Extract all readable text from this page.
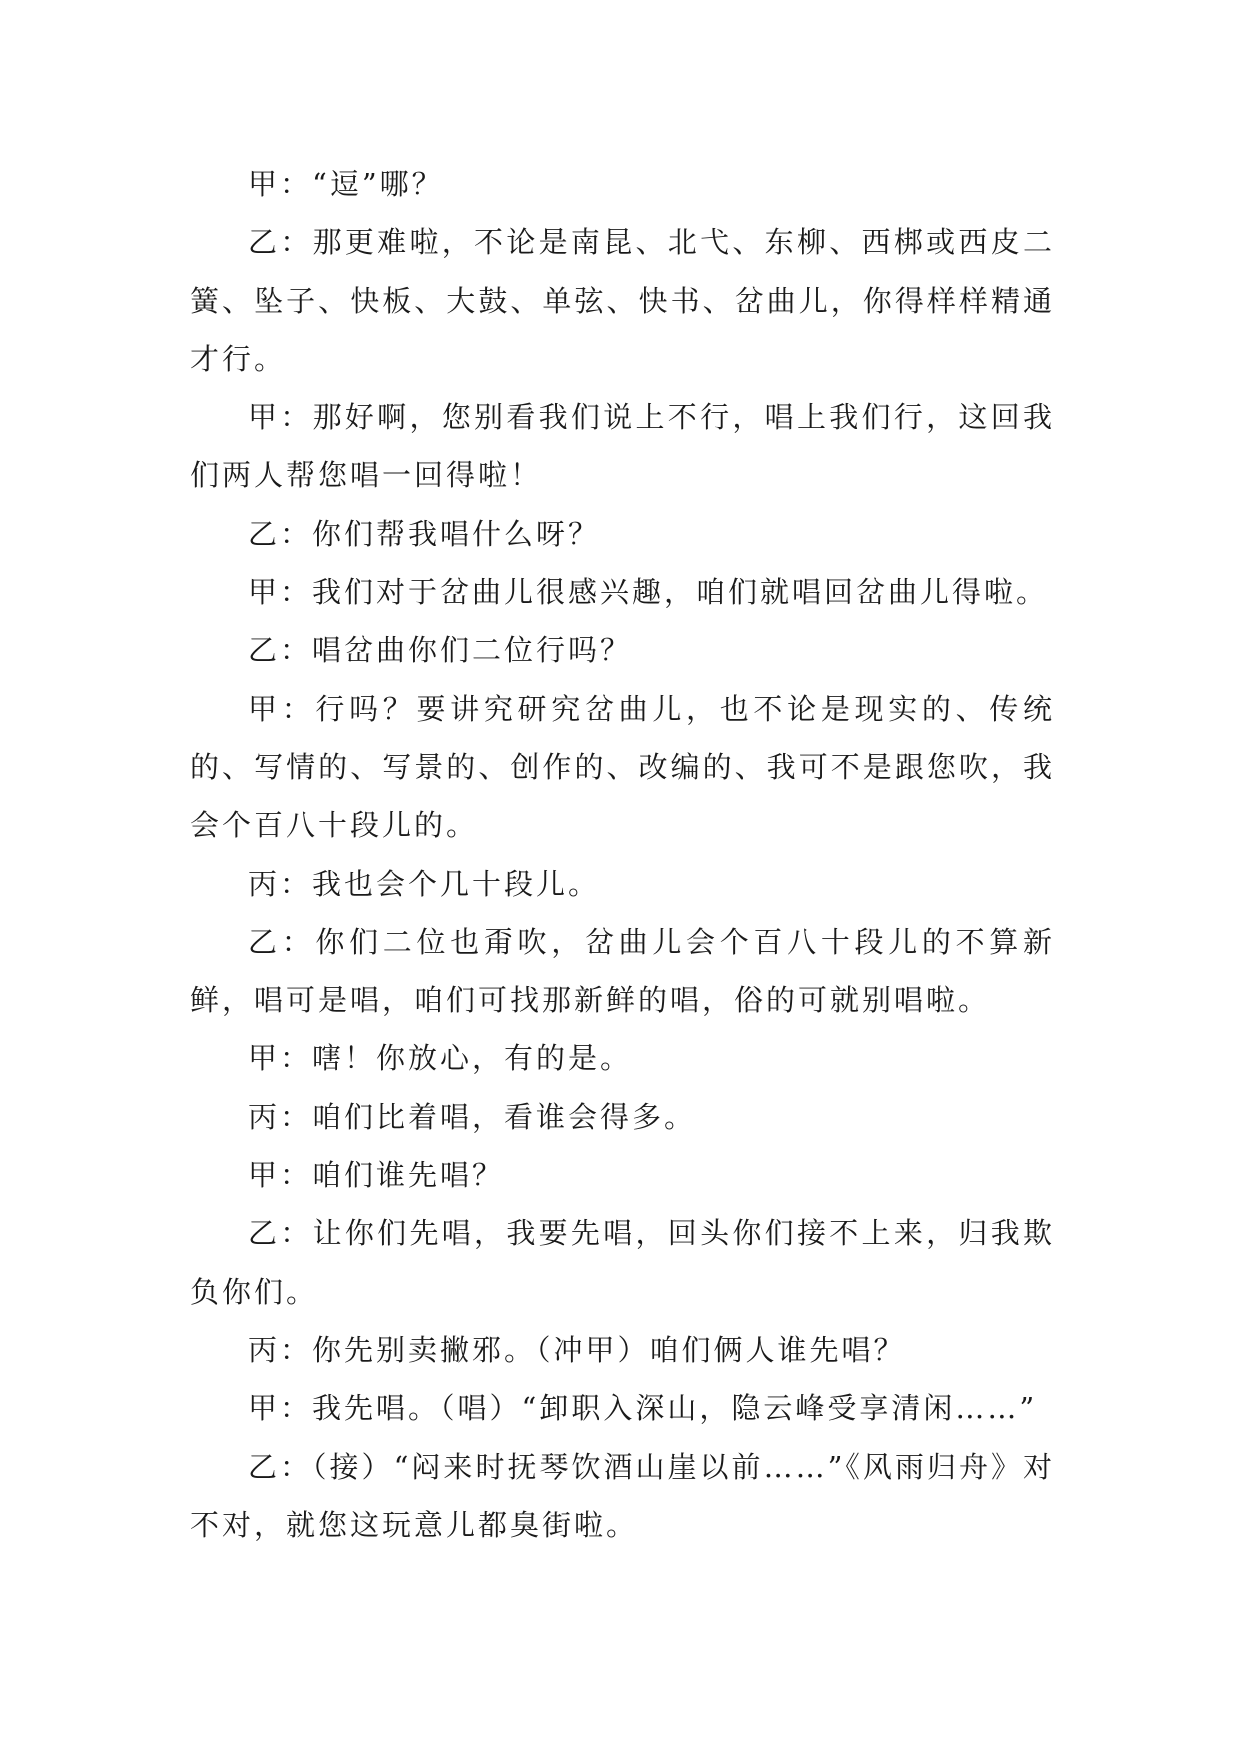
甲：“逗”哪？

乙：那更难啦，不论是南昆、北弋、东柳、西梆或西皮二簧、坠子、快板、大鼓、单弦、快书、岔曲儿，你得样样精通才行。

甲：那好啊，您别看我们说上不行，唱上我们行，这回我们两人帮您唱一回得啦！

乙：你们帮我唱什么呀？

甲：我们对于岔曲儿很感兴趣，咱们就唱回岔曲儿得啦。

乙：唱岔曲你们二位行吗？

甲：行吗？要讲究研究岔曲儿，也不论是现实的、传统的、写情的、写景的、创作的、改编的、我可不是跟您吹，我会个百八十段儿的。

丙：我也会个几十段儿。

乙：你们二位也甭吹，岔曲儿会个百八十段儿的不算新鲜，唱可是唱，咱们可找那新鲜的唱，俗的可就别唱啦。

甲：嗐！你放心，有的是。

丙：咱们比着唱，看谁会得多。

甲：咱们谁先唱？

乙：让你们先唱，我要先唱，回头你们接不上来，归我欺负你们。

丙：你先别卖撇邪。（冲甲）咱们俩人谁先唱？

甲：我先唱。（唱）“卸职入深山，隐云峰受享清闲……”

乙：（接）“闷来时抚琴饮酒山崖以前……”《风雨归舟》对不对，就您这玩意儿都臭街啦。
